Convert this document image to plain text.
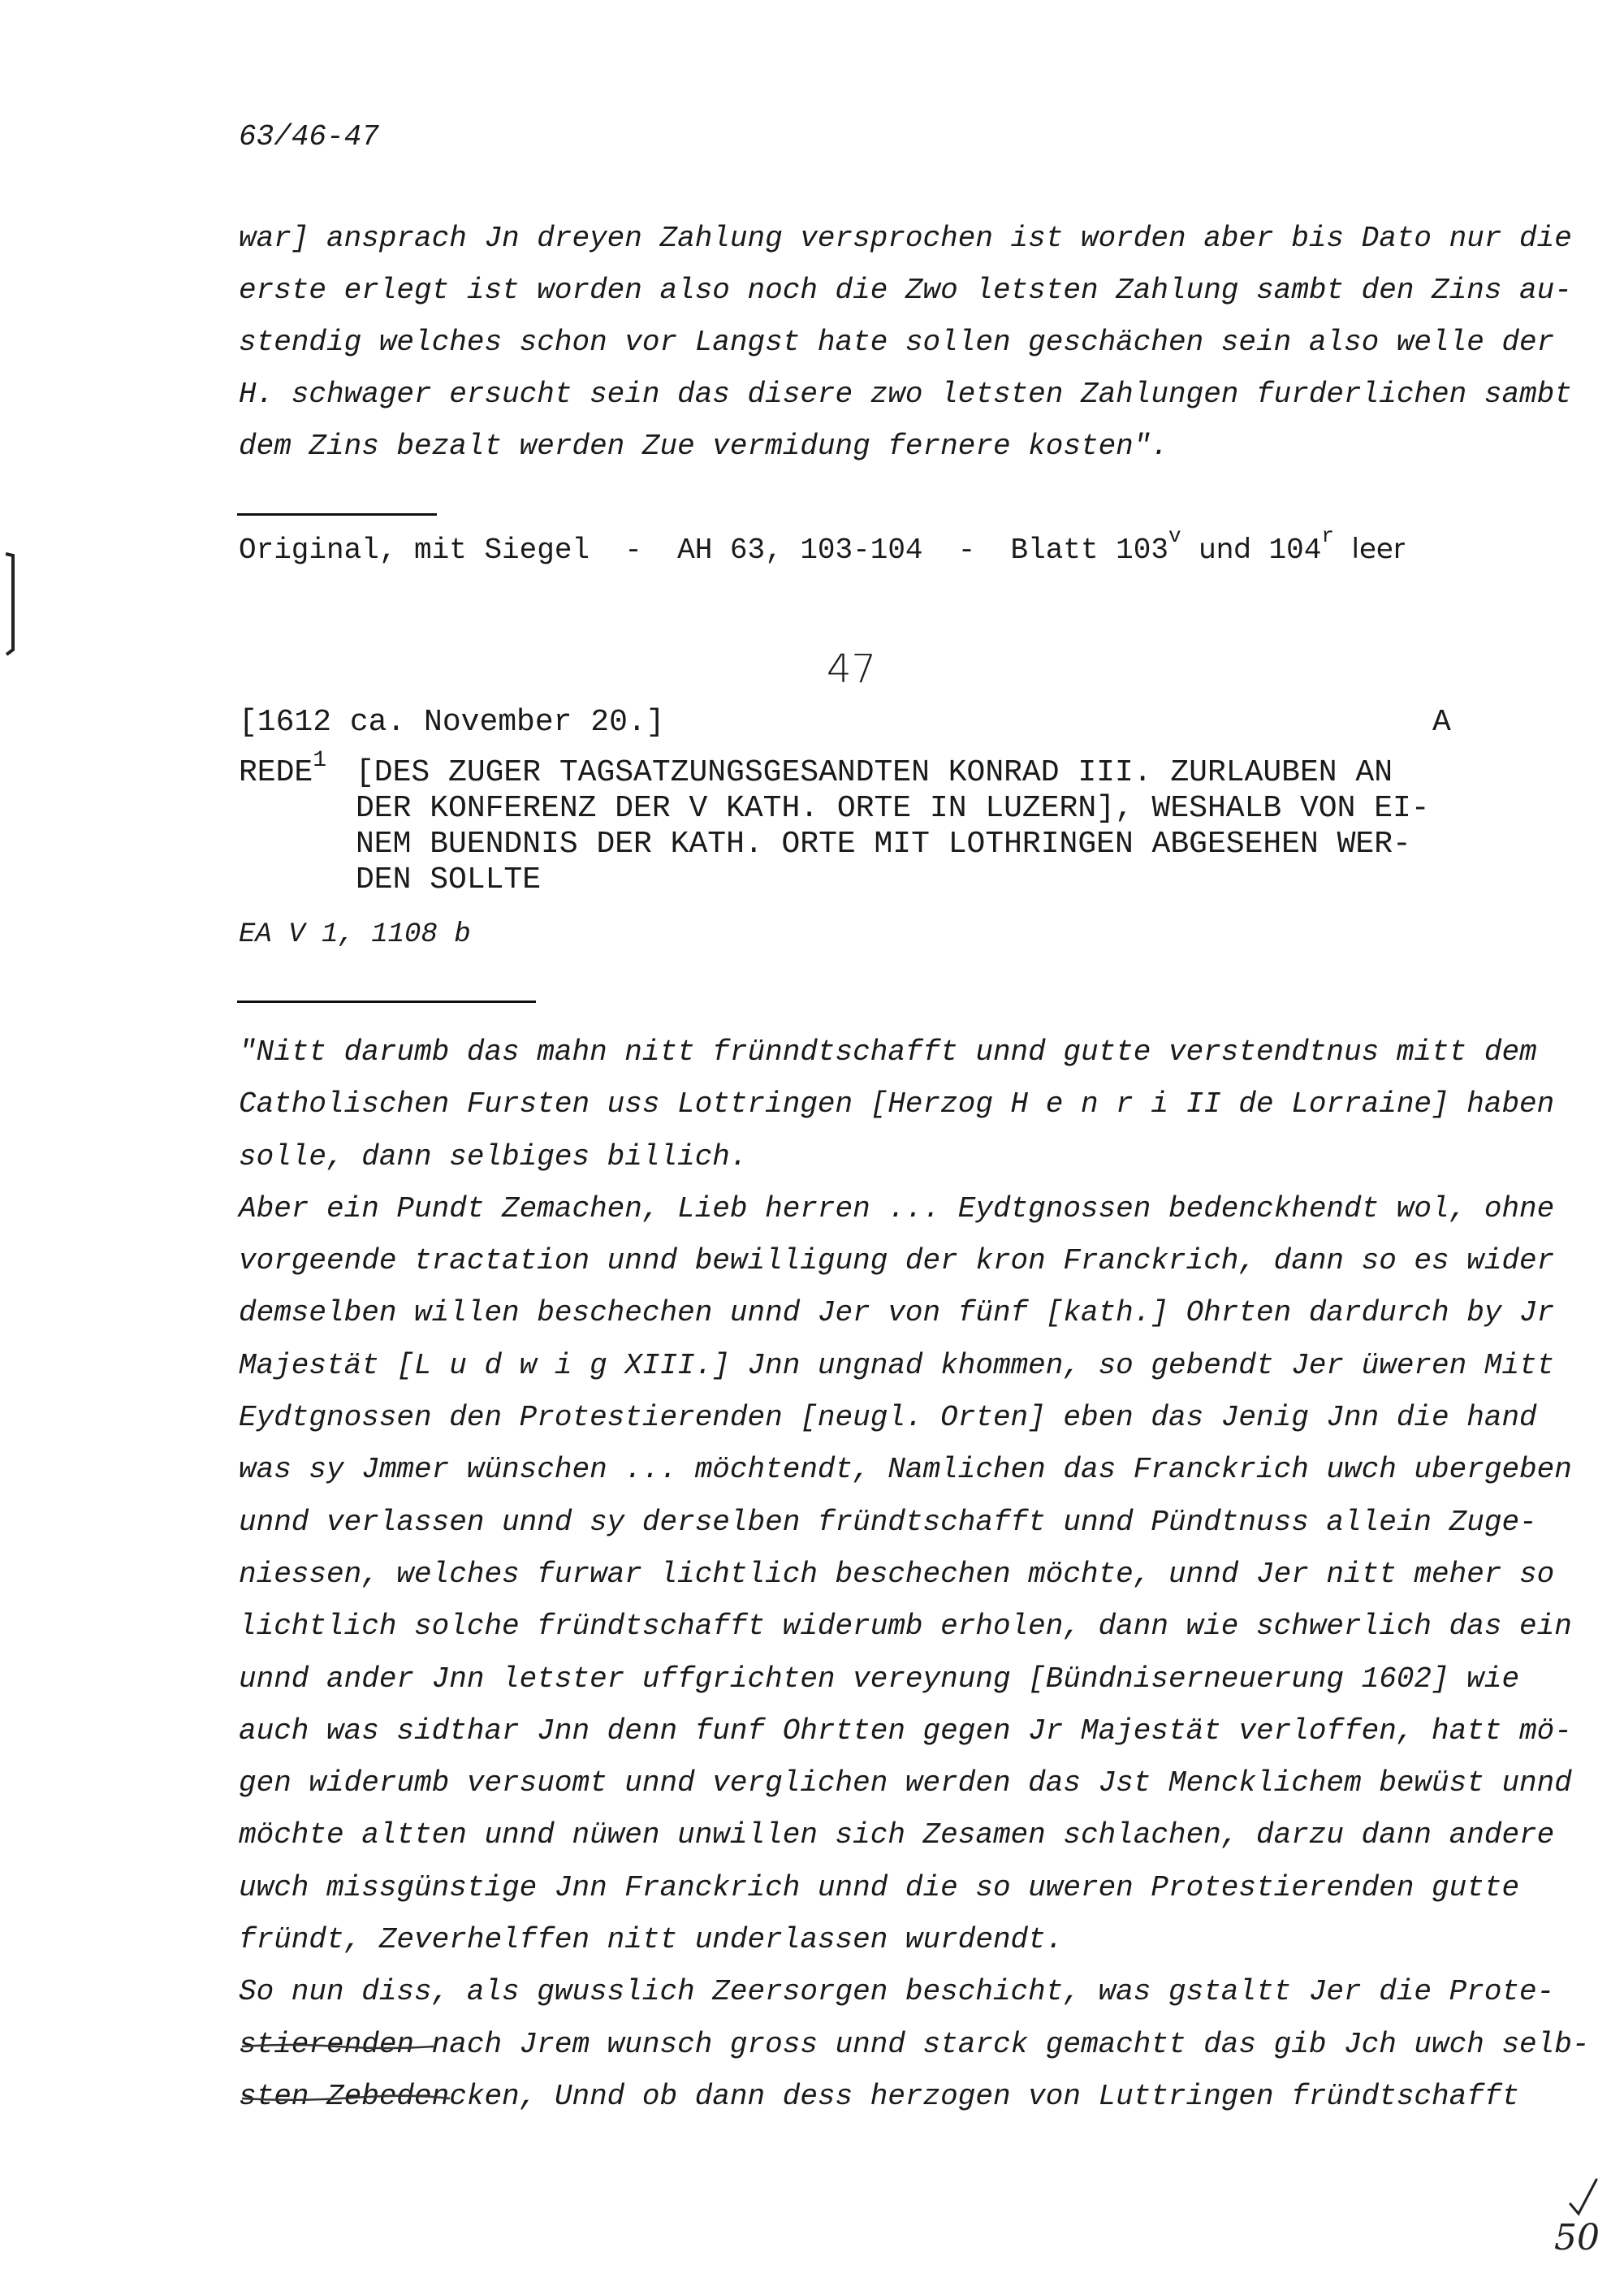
63/46-47
war] ansprach Jn dreyen Zahlung versprochen ist worden aber bis Dato nur die
erste erlegt ist worden also noch die Zwo letsten Zahlung sambt den Zins au-
stendig welches schon vor Langst hate sollen geschächen sein also welle der
H. schwager ersucht sein das disere zwo letsten Zahlungen furderlichen sambt
dem Zins bezalt werden Zue vermidung fernere kosten".
Original, mit Siegel  -  AH 63, 103-104  -  Blatt 103$^v$ und 104$^r$ leer
47
[1612 ca. November 20.]	A
REDE$^1$ [DES ZUGER TAGSATZUNGSGESANDTEN KONRAD III. ZURLAUBEN AN
DER KONFERENZ DER V KATH. ORTE IN LUZERN], WESHALB VON EI-
NEM BUENDNIS DER KATH. ORTE MIT LOTHRINGEN ABGESEHEN WER-
DEN SOLLTE
EA V 1, 1108 b
"Nitt darumb das mahn nitt frünndtschafft unnd gutte verstendtnus mitt dem
Catholischen Fursten uss Lottringen [Herzog H e n r i II de Lorraine] haben
solle, dann selbiges billich.
Aber ein Pundt Zemachen, Lieb herren ... Eydtgnossen bedenckhendt wol, ohne
vorgeende tractation unnd bewilligung der kron Franckrich, dann so es wider
demselben willen beschechen unnd Jer von fünf [kath.] Ohrten dardurch by Jr
Majestät [L u d w i g XIII.] Jnn ungnad khommen, so gebendt Jer üweren Mitt
Eydtgnossen den Protestierenden [neugl. Orten] eben das Jenig Jnn die hand
was sy Jmmer wünschen ... möchtendt, Namlichen das Franckrich uwch ubergeben
unnd verlassen unnd sy derselben fründtschafft unnd Pündtnuss allein Zuge-
niessen, welches furwar lichtlich beschechen möchte, unnd Jer nitt meher so
lichtlich solche fründtschafft widerumb erholen, dann wie schwerlich das ein
unnd ander Jnn letster uffgrichten vereynung [Bündniserneuerung 1602] wie
auch was sidthar Jnn denn funf Ohrtten gegen Jr Majestät verloffen, hatt mö-
gen widerumb versuomt unnd verglichen werden das Jst Mencklichem bewüst unnd
möchte altten unnd nüwen unwillen sich Zesamen schlachen, darzu dann andere
uwch missgünstige Jnn Franckrich unnd die so uweren Protestierenden gutte
fründt, Zeverhelffen nitt underlassen wurdendt.
So nun diss, als gwusslich Zeersorgen beschicht, was gstaltt Jer die Prote-
stierenden nach Jrem wunsch gross unnd starck gemachtt das gib Jch uwch selb-
sten Zebedencken, Unnd ob dann dess herzogen von Luttringen fründtschafft
50
